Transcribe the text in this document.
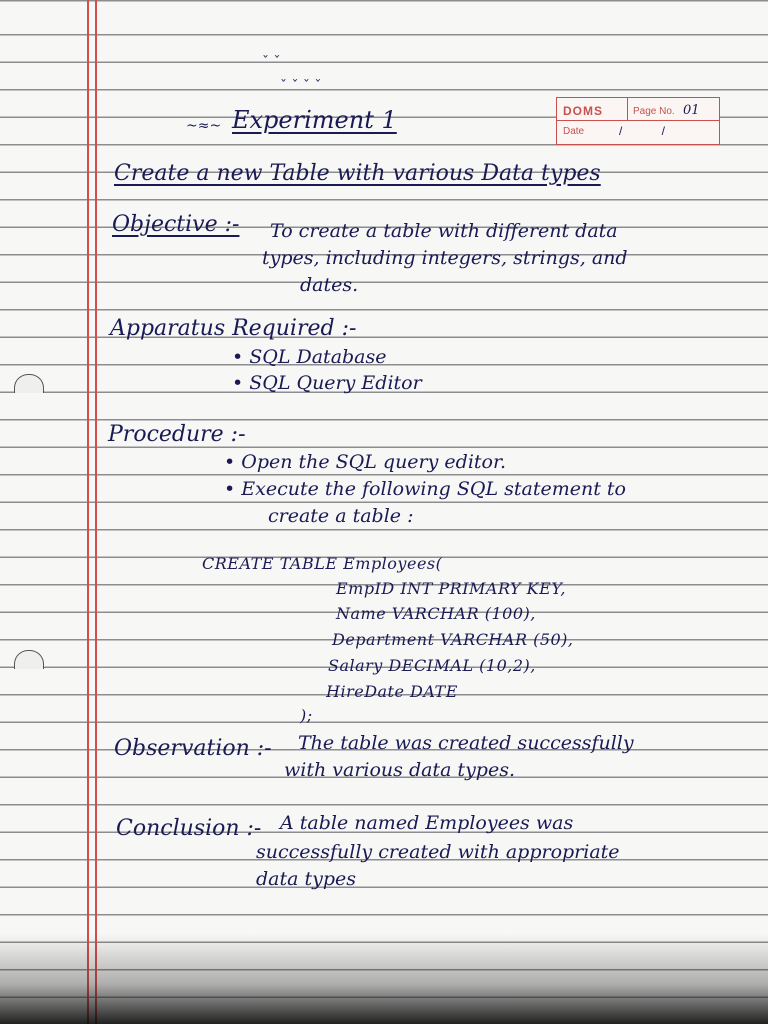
DOMS	Page No. 01
Date	/ /
ˇ ˇ
ˇ ˇ ˇ ˇ
~≈~ Experiment 1
Create a new Table with various Data types
Objective :- To create a table with different data
types, including integers, strings, and
dates.
Apparatus Required :-
• SQL Database
• SQL Query Editor
Procedure :-
• Open the SQL query editor.
• Execute the following SQL statement to
create a table :
CREATE TABLE Employees(
EmpID INT PRIMARY KEY,
Name VARCHAR (100),
Department VARCHAR (50),
Salary DECIMAL (10,2),
HireDate DATE
);
Observation :- The table was created successfully
with various data types.
Conclusion :- A table named Employees was
successfully created with appropriate
data types
